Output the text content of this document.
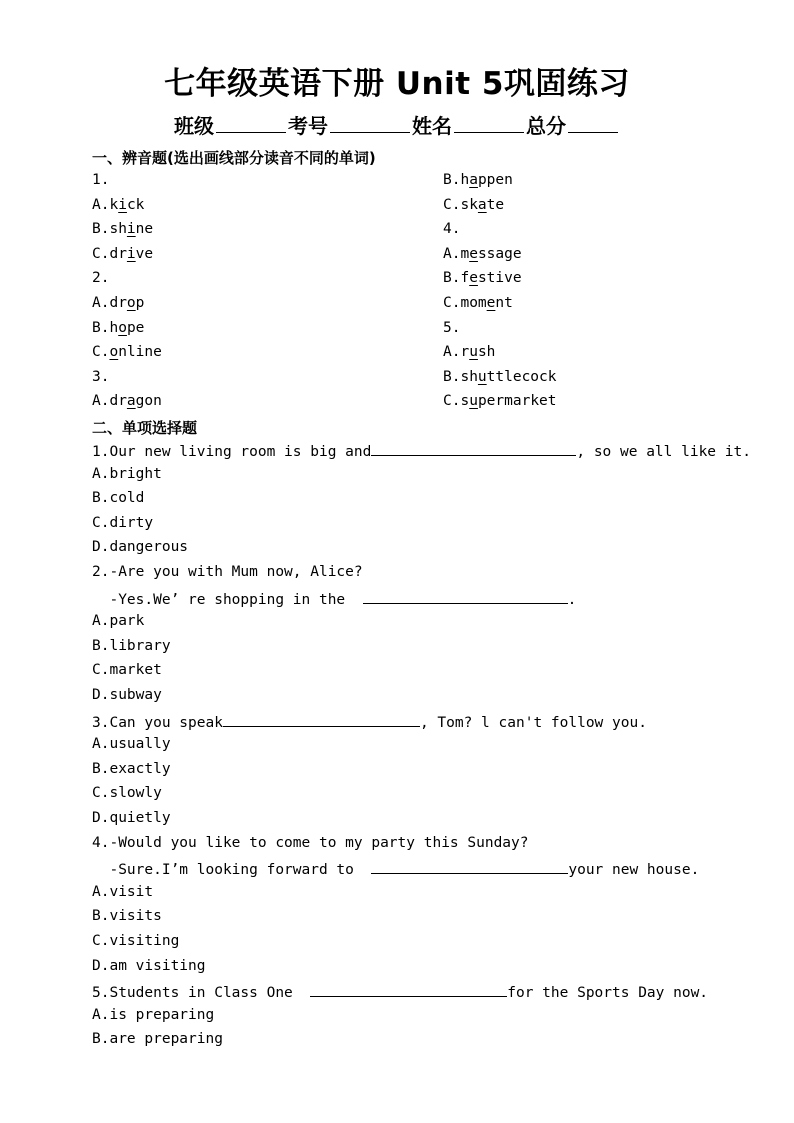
七年级英语下册 Unit 5巩固练习
班级	考号	姓名	总分
一、辨音题(选出画线部分读音不同的单词)
1.
A.kick
B.shine
C.drive
2.
A.drop
B.hope
C.online
3.
A.dragon
B.happen
C.skate
4.
A.message
B.festive
C.moment
5.
A.rush
B.shuttlecock
C.supermarket
二、单项选择题
1.Our new living room is big and	, so we all like it.
A.bright
B.cold
C.dirty
D.dangerous
2.-Are you with Mum now, Alice?
-Yes.We’ re shopping in the	.
A.park
B.library
C.market
D.subway
3.Can you speak	, Tom? l can't follow you.
A.usually
B.exactly
C.slowly
D.quietly
4.-Would you like to come to my party this Sunday?
-Sure.I’m looking forward to	your new house.
A.visit
B.visits
C.visiting
D.am visiting
5.Students in Class One	for the Sports Day now.
A.is preparing
B.are preparing
